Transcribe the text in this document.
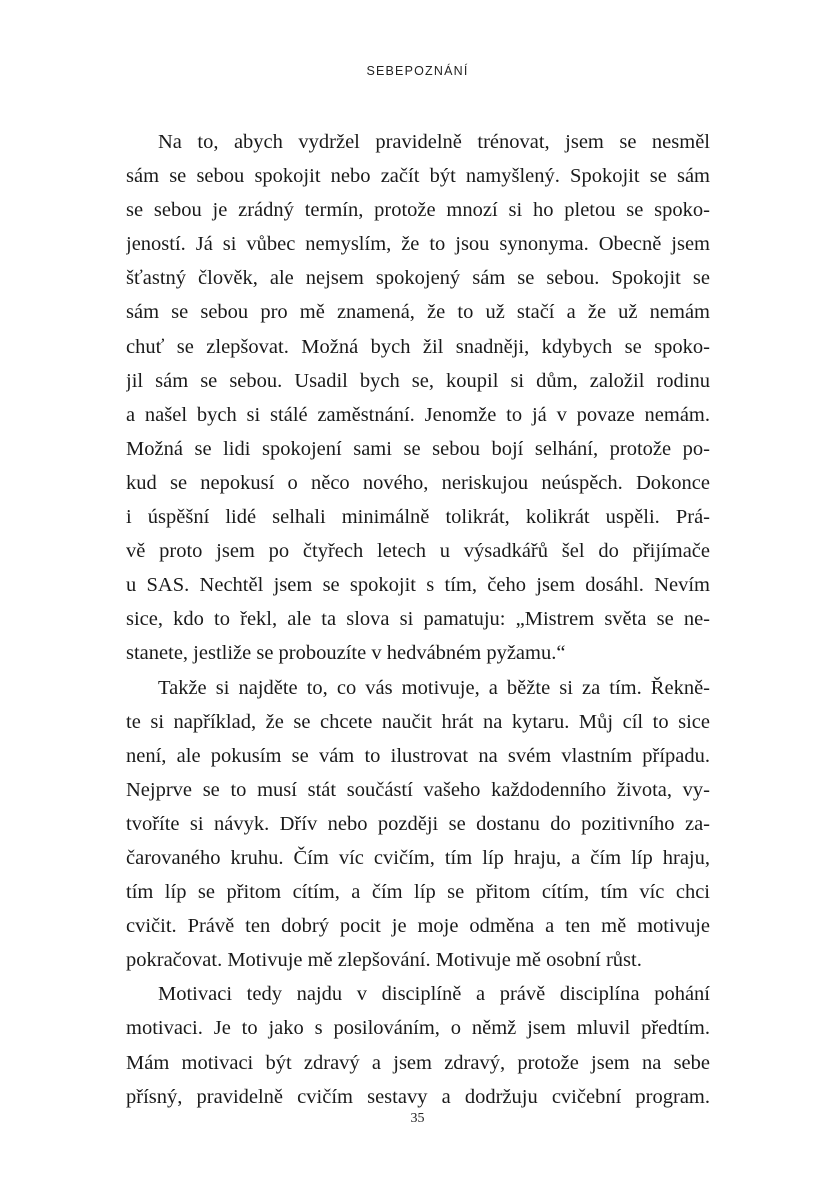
SEBEPOZNÁNÍ
Na to, abych vydržel pravidelně trénovat, jsem se nesměl
sám se sebou spokojit nebo začít být namyšlený. Spokojit se sám
se sebou je zrádný termín, protože mnozí si ho pletou se spoko-
jeností. Já si vůbec nemyslím, že to jsou synonyma. Obecně jsem
šťastný člověk, ale nejsem spokojený sám se sebou. Spokojit se
sám se sebou pro mě znamená, že to už stačí a že už nemám
chuť se zlepšovat. Možná bych žil snadněji, kdybych se spoko-
jil sám se sebou. Usadil bych se, koupil si dům, založil rodinu
a našel bych si stálé zaměstnání. Jenomže to já v povaze nemám.
Možná se lidi spokojení sami se sebou bojí selhání, protože po-
kud se nepokusí o něco nového, neriskujou neúspěch. Dokonce
i úspěšní lidé selhali minimálně tolikrát, kolikrát uspěli. Prá-
vě proto jsem po čtyřech letech u výsadkářů šel do přijímače
u SAS. Nechtěl jsem se spokojit s tím, čeho jsem dosáhl. Nevím
sice, kdo to řekl, ale ta slova si pamatuju: „Mistrem světa se ne-
stanete, jestliže se probouzíte v hedvábném pyžamu.“
Takže si najděte to, co vás motivuje, a běžte si za tím. Řekně-
te si například, že se chcete naučit hrát na kytaru. Můj cíl to sice
není, ale pokusím se vám to ilustrovat na svém vlastním případu.
Nejprve se to musí stát součástí vašeho každodenního života, vy-
tvoříte si návyk. Dřív nebo později se dostanu do pozitivního za-
čarovaného kruhu. Čím víc cvičím, tím líp hraju, a čím líp hraju,
tím líp se přitom cítím, a čím líp se přitom cítím, tím víc chci
cvičit. Právě ten dobrý pocit je moje odměna a ten mě motivuje
pokračovat. Motivuje mě zlepšování. Motivuje mě osobní růst.
Motivaci tedy najdu v disciplíně a právě disciplína pohání
motivaci. Je to jako s posilováním, o němž jsem mluvil předtím.
Mám motivaci být zdravý a jsem zdravý, protože jsem na sebe
přísný, pravidelně cvičím sestavy a dodržuju cvičební program.
35
